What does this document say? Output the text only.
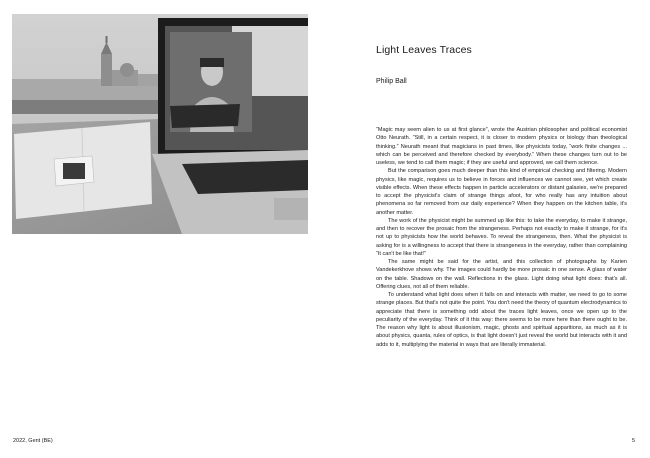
Light Leaves Traces

Philip Ball

“Magic may seem alien to us at first glance”, wrote the Austrian philosopher and political economist Otto Neurath. “Still, in a certain respect, it is closer to modern physics or biology than theological thinking.” Neurath meant that magicians in past times, like physicists today, “work finite changes ... which can be perceived and therefore checked by everybody.” When these changes turn out to be useless, we tend to call them magic; if they are useful and approved, we call them science.

But the comparison goes much deeper than this kind of empirical checking and filtering. Modern physics, like magic, requires us to believe in forces and influences we cannot see, yet which create visible effects. When these effects happen in particle accelerators or distant galaxies, we're prepared to accept the physicist's claim of strange things afoot, for who really has any intuition about phenomena so far removed from our daily experience? When they happen on the kitchen table, it's another matter.

The work of the physicist might be summed up like this: to take the everyday, to make it strange, and then to recover the prosaic from the strangeness. Perhaps not exactly to make it strange, for it's not up to physicists how the world behaves. To reveal the strangeness, then. What the physicist is asking for is a willingness to accept that there is strangeness in the everyday, rather than complaining “It can't be like that!”

The same might be said for the artist, and this collection of photographs by Karien Vandekerkhove shows why. The images could hardly be more prosaic in one sense. A glass of water on the table. Shadows on the wall. Reflections in the glass. Light doing what light does: that's all. Offering clues, not all of them reliable.

To understand what light does when it falls on and interacts with matter, we need to go to some strange places. But that's not quite the point. You don't need the theory of quantum electrodynamics to appreciate that there is something odd about the traces light leaves, once we open up to the peculiarity of the everyday. Think of it this way: there seems to be more here than there ought to be. The reason why light is about illusionism, magic, ghosts and spiritual apparitions, as much as it is about physics, quanta, rules of optics, is that light doesn't just reveal the world but interacts with it and adds to it, multiplying the material in ways that are literally immaterial.

2022, Gent (BE)	5
